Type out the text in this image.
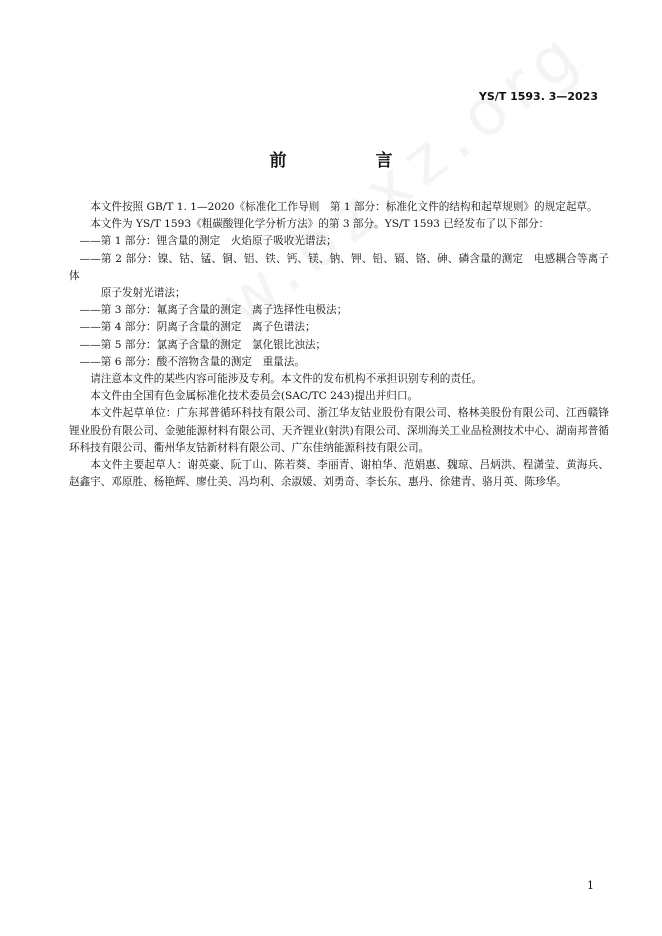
YS/T 1593. 3—2023
前　言

本文件按照 GB/T 1. 1—2020《标准化工作导则　第 1 部分：标准化文件的结构和起草规则》的规定起草。

本文件为 YS/T 1593《粗碳酸锂化学分析方法》的第 3 部分。YS/T 1593 已经发布了以下部分：

——第 1 部分：锂含量的测定　火焰原子吸收光谱法；

——第 2 部分：镍、钴、锰、铜、铝、铁、钙、镁、钠、钾、铅、镉、铬、砷、磷含量的测定　电感耦合等离子体

原子发射光谱法；

——第 3 部分：氟离子含量的测定　离子选择性电极法；

——第 4 部分：阴离子含量的测定　离子色谱法；

——第 5 部分：氯离子含量的测定　氯化银比浊法；

——第 6 部分：酸不溶物含量的测定　重量法。

请注意本文件的某些内容可能涉及专利。本文件的发布机构不承担识别专利的责任。

本文件由全国有色金属标准化技术委员会(SAC/TC 243)提出并归口。

本文件起草单位：广东邦普循环科技有限公司、浙江华友钴业股份有限公司、格林美股份有限公司、江西赣锋锂业股份有限公司、金驰能源材料有限公司、天齐锂业(射洪)有限公司、深圳海关工业品检测技术中心、湖南邦普循环科技有限公司、衢州华友钴新材料有限公司、广东佳纳能源科技有限公司。

本文件主要起草人：谢英豪、阮丁山、陈若葵、李丽青、谢柏华、范娟惠、魏琼、吕炳洪、程潇莹、黄海兵、赵鑫宇、邓原胜、杨艳辉、廖仕美、冯均利、余淑媛、刘勇奇、李长东、惠丹、徐建青、骆月英、陈珍华。

1
